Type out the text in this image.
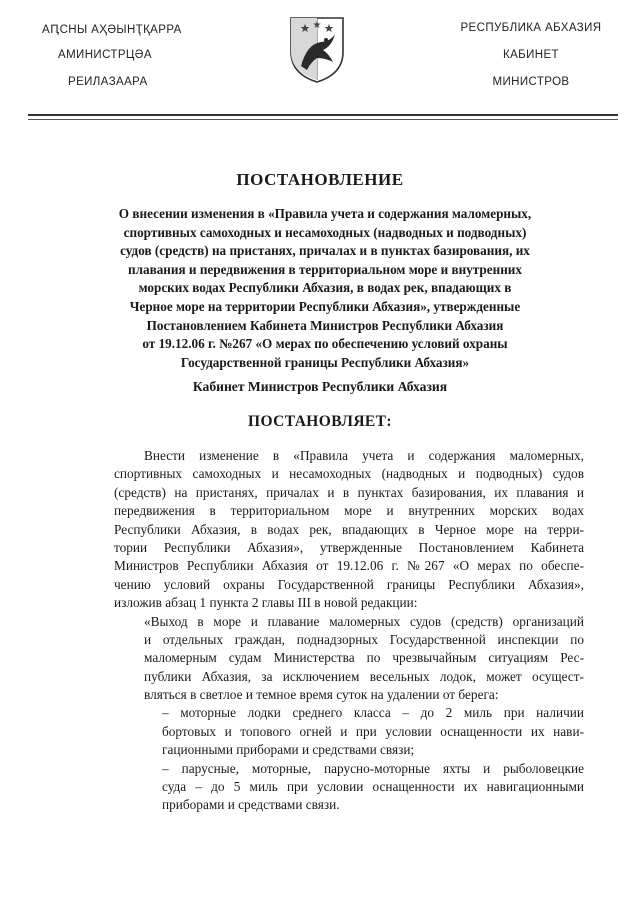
АԤСНЫ АҲӘЫНҬҚАРРА
АМИНИСТРЦӘА
РЕИЛАЗААРА
РЕСПУБЛИКА АБХАЗИЯ
КАБИНЕТ
МИНИСТРОВ
ПОСТАНОВЛЕНИЕ
О внесении изменения в «Правила учета и содержания маломерных,
спортивных самоходных и несамоходных (надводных и подводных)
судов (средств) на пристанях, причалах и в пунктах базирования, их
плавания и передвижения в территориальном море и внутренних
морских водах Республики Абхазия, в водах рек, впадающих в
Черное море на территории Республики Абхазия», утвержденные
Постановлением Кабинета Министров Республики Абхазия
от 19.12.06 г. №267 «О мерах по обеспечению условий охраны
Государственной границы Республики Абхазия»
Кабинет Министров Республики Абхазия
ПОСТАНОВЛЯЕТ:
Внести изменение в «Правила учета и содержания маломерных,
спортивных самоходных и несамоходных (надводных и подводных) судов
(средств) на пристанях, причалах и в пунктах базирования, их плавания и
передвижения в территориальном море и внутренних морских водах
Республики Абхазия, в водах рек, впадающих в Черное море на терри-
тории Республики Абхазия», утвержденные Постановлением Кабинета
Министров Республики Абхазия от 19.12.06 г. №267 «О мерах по обеспе-
чению условий охраны Государственной границы Республики Абхазия»,
изложив абзац 1 пункта 2 главы III в новой редакции:
«Выход в море и плавание маломерных судов (средств) организаций
и отдельных граждан, поднадзорных Государственной инспекции по
маломерным судам Министерства по чрезвычайным ситуациям Рес-
публики Абхазия, за исключением весельных лодок, может осущест-
вляться в светлое и темное время суток на удалении от берега:
– моторные лодки среднего класса – до 2 миль при наличии
бортовых и топового огней и при условии оснащенности их нави-
гационными приборами и средствами связи;
– парусные, моторные, парусно-моторные яхты и рыболовецкие
суда – до 5 миль при условии оснащенности их навигационными
приборами и средствами связи.
